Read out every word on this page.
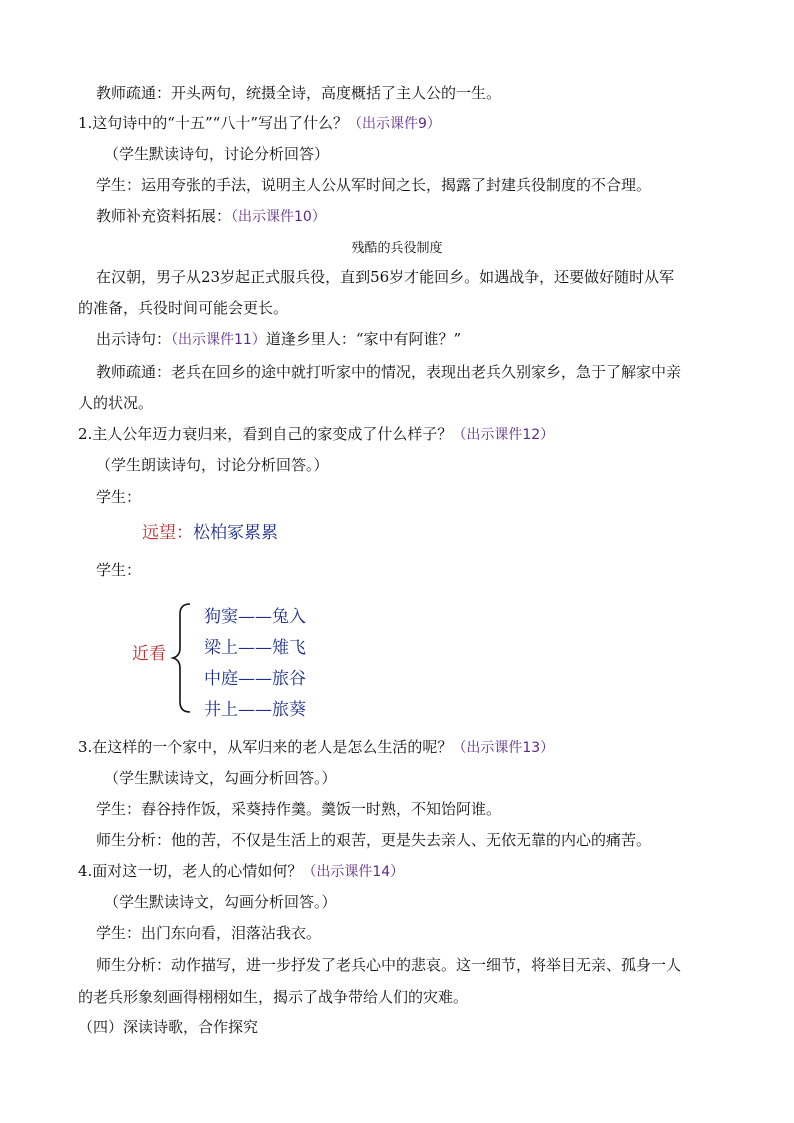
教师疏通：开头两句，统摄全诗，高度概括了主人公的一生。
1.这句诗中的“十五”“八十”写出了什么？（出示课件9）
（学生默读诗句，讨论分析回答）
学生：运用夸张的手法，说明主人公从军时间之长，揭露了封建兵役制度的不合理。
教师补充资料拓展：（出示课件10）
残酷的兵役制度
在汉朝，男子从23岁起正式服兵役，直到56岁才能回乡。如遇战争，还要做好随时从军
的准备，兵役时间可能会更长。
出示诗句：（出示课件11）道逢乡里人：“家中有阿谁？”
教师疏通：老兵在回乡的途中就打听家中的情况，表现出老兵久别家乡，急于了解家中亲
人的状况。
2.主人公年迈力衰归来，看到自己的家变成了什么样子？（出示课件12）
（学生朗读诗句，讨论分析回答。）
学生：
远望：松柏冢累累
学生：
近看
狗窦——兔入
梁上——雉飞
中庭——旅谷
井上——旅葵
3.在这样的一个家中，从军归来的老人是怎么生活的呢？（出示课件13）
（学生默读诗文，勾画分析回答。）
学生：舂谷持作饭，采葵持作羹。羹饭一时熟，不知饴阿谁。
师生分析：他的苦，不仅是生活上的艰苦，更是失去亲人、无依无靠的内心的痛苦。
4.面对这一切，老人的心情如何？（出示课件14）
（学生默读诗文，勾画分析回答。）
学生：出门东向看，泪落沾我衣。
师生分析：动作描写，进一步抒发了老兵心中的悲哀。这一细节，将举目无亲、孤身一人
的老兵形象刻画得栩栩如生，揭示了战争带给人们的灾难。
（四）深读诗歌，合作探究
